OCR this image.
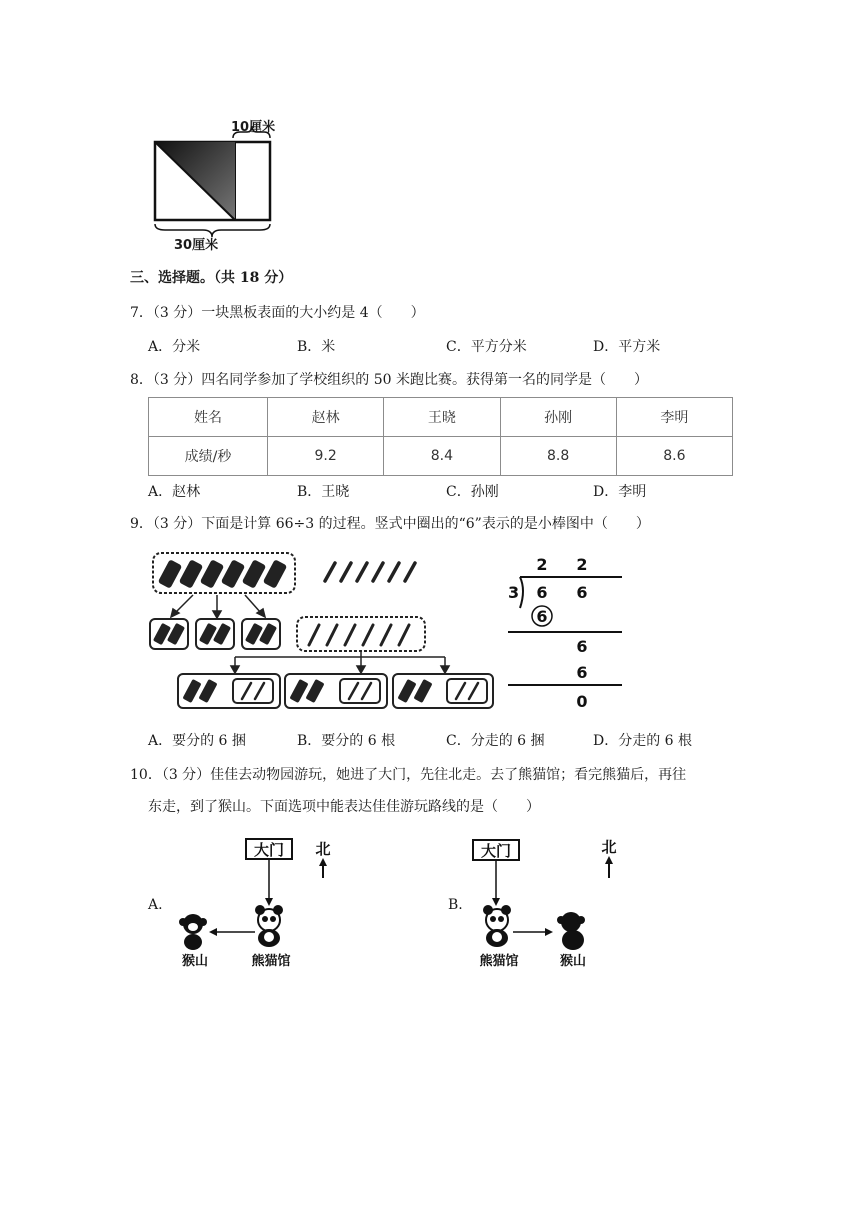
10厘米
30厘米
三、选择题。（共 18 分）
7．（3 分）一块黑板表面的大小约是 4（　　）
A．分米	B．米	C．平方分米	D．平方米
8．（3 分）四名同学参加了学校组织的 50 米跑比赛。获得第一名的同学是（　　）
姓名	赵林	王晓	孙刚	李明
成绩/秒	9.2	8.4	8.8	8.6
A．赵林	B．王晓	C．孙刚	D．李明
9．（3 分）下面是计算 66÷3 的过程。竖式中圈出的“6”表示的是小棒图中（　　）
2 2
3 6 6
6
6
6
0
A．要分的 6 捆	B．要分的 6 根	C．分走的 6 捆	D．分走的 6 根
10．（3 分）佳佳去动物园游玩，她进了大门，先往北走。去了熊猫馆；看完熊猫后，再往
东走，到了猴山。下面选项中能表达佳佳游玩路线的是（　　）
A.
大门 北
猴山	熊猫馆
B.
大门	北
熊猫馆	猴山
